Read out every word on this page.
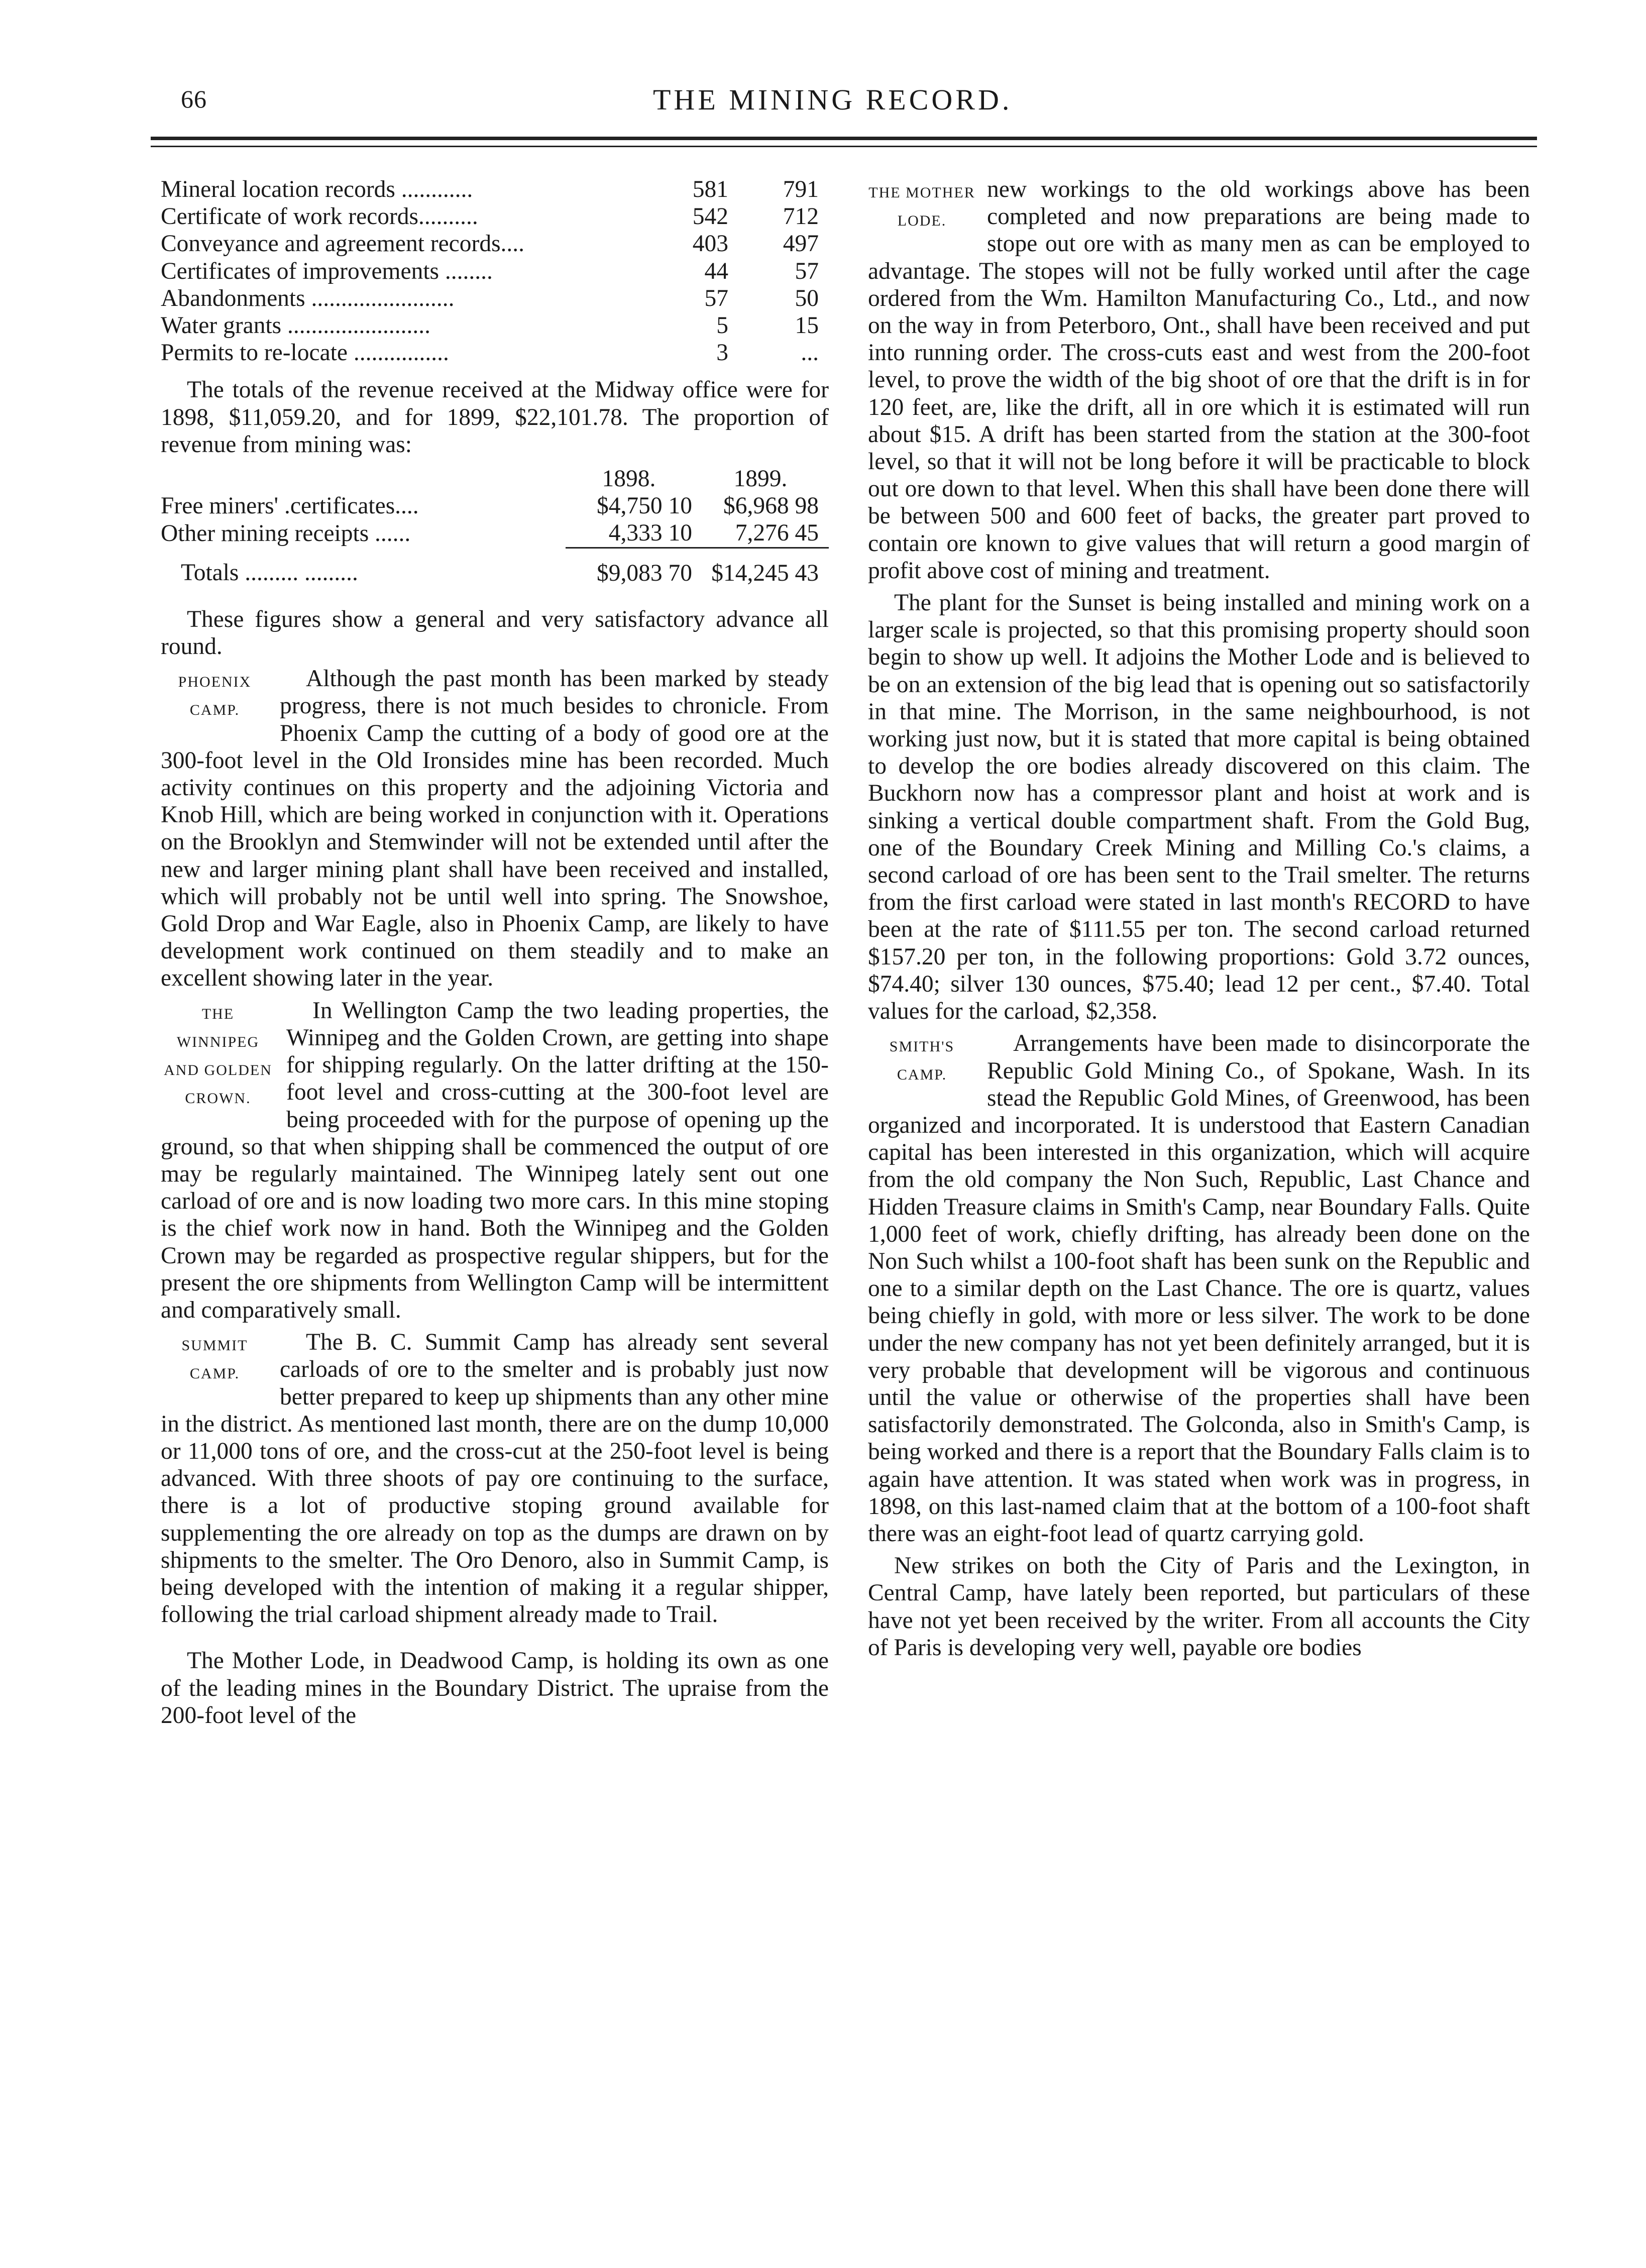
66	THE MINING RECORD.
Mineral location records ............	581	791
Certificate of work records..........	542	712
Conveyance and agreement records....	403	497
Certificates of improvements ........	44	57
Abandonments ........................	57	50
Water grants ........................	5	15
Permits to re-locate ................	3	...

The totals of the revenue received at the Midway office were for 1898, $11,059.20, and for 1899, $22,101.78. The proportion of revenue from mining was:

	1898.	1899.
Free miners' .certificates....	$4,750 10	$6,968 98
Other mining receipts ......	4,333 10	7,276 45
Totals ......... .........	$9,083 70	$14,245 43

These figures show a general and very satisfactory advance all round.

PHOENIX CAMP.
Although the past month has been marked by steady progress, there is not much besides to chronicle. From Phoenix Camp the cutting of a body of good ore at the 300-foot level in the Old Ironsides mine has been recorded. Much activity continues on this property and the adjoining Victoria and Knob Hill, which are being worked in conjunction with it. Operations on the Brooklyn and Stemwinder will not be extended until after the new and larger mining plant shall have been received and installed, which will probably not be until well into spring. The Snowshoe, Gold Drop and War Eagle, also in Phoenix Camp, are likely to have development work continued on them steadily and to make an excellent showing later in the year.

THE WINNIPEG AND GOLDEN CROWN.
In Wellington Camp the two leading properties, the Winnipeg and the Golden Crown, are getting into shape for shipping regularly. On the latter drifting at the 150-foot level and cross-cutting at the 300-foot level are being proceeded with for the purpose of opening up the ground, so that when shipping shall be commenced the output of ore may be regularly maintained. The Winnipeg lately sent out one carload of ore and is now loading two more cars. In this mine stoping is the chief work now in hand. Both the Winnipeg and the Golden Crown may be regarded as prospective regular shippers, but for the present the ore shipments from Wellington Camp will be intermittent and comparatively small.

SUMMIT CAMP.
The B. C. Summit Camp has already sent several carloads of ore to the smelter and is probably just now better prepared to keep up shipments than any other mine in the district. As mentioned last month, there are on the dump 10,000 or 11,000 tons of ore, and the cross-cut at the 250-foot level is being advanced. With three shoots of pay ore continuing to the surface, there is a lot of productive stoping ground available for supplementing the ore already on top as the dumps are drawn on by shipments to the smelter. The Oro Denoro, also in Summit Camp, is being developed with the intention of making it a regular shipper, following the trial carload shipment already made to Trail.

The Mother Lode, in Deadwood Camp, is holding its own as one of the leading mines in the Boundary District. The upraise from the 200-foot level of the

THE MOTHER LODE.
new workings to the old workings above has been completed and now preparations are being made to stope out ore with as many men as can be employed to advantage. The stopes will not be fully worked until after the cage ordered from the Wm. Hamilton Manufacturing Co., Ltd., and now on the way in from Peterboro, Ont., shall have been received and put into running order. The cross-cuts east and west from the 200-foot level, to prove the width of the big shoot of ore that the drift is in for 120 feet, are, like the drift, all in ore which it is estimated will run about $15. A drift has been started from the station at the 300-foot level, so that it will not be long before it will be practicable to block out ore down to that level. When this shall have been done there will be between 500 and 600 feet of backs, the greater part proved to contain ore known to give values that will return a good margin of profit above cost of mining and treatment.

The plant for the Sunset is being installed and mining work on a larger scale is projected, so that this promising property should soon begin to show up well. It adjoins the Mother Lode and is believed to be on an extension of the big lead that is opening out so satisfactorily in that mine. The Morrison, in the same neighbourhood, is not working just now, but it is stated that more capital is being obtained to develop the ore bodies already discovered on this claim. The Buckhorn now has a compressor plant and hoist at work and is sinking a vertical double compartment shaft. From the Gold Bug, one of the Boundary Creek Mining and Milling Co.'s claims, a second carload of ore has been sent to the Trail smelter. The returns from the first carload were stated in last month's RECORD to have been at the rate of $111.55 per ton. The second carload returned $157.20 per ton, in the following proportions: Gold 3.72 ounces, $74.40; silver 130 ounces, $75.40; lead 12 per cent., $7.40. Total values for the carload, $2,358.

SMITH'S CAMP.
Arrangements have been made to disincorporate the Republic Gold Mining Co., of Spokane, Wash. In its stead the Republic Gold Mines, of Greenwood, has been organized and incorporated. It is understood that Eastern Canadian capital has been interested in this organization, which will acquire from the old company the Non Such, Republic, Last Chance and Hidden Treasure claims in Smith's Camp, near Boundary Falls. Quite 1,000 feet of work, chiefly drifting, has already been done on the Non Such whilst a 100-foot shaft has been sunk on the Republic and one to a similar depth on the Last Chance. The ore is quartz, values being chiefly in gold, with more or less silver. The work to be done under the new company has not yet been definitely arranged, but it is very probable that development will be vigorous and continuous until the value or otherwise of the properties shall have been satisfactorily demonstrated. The Golconda, also in Smith's Camp, is being worked and there is a report that the Boundary Falls claim is to again have attention. It was stated when work was in progress, in 1898, on this last-named claim that at the bottom of a 100-foot shaft there was an eight-foot lead of quartz carrying gold.

New strikes on both the City of Paris and the Lexington, in Central Camp, have lately been reported, but particulars of these have not yet been received by the writer. From all accounts the City of Paris is developing very well, payable ore bodies
